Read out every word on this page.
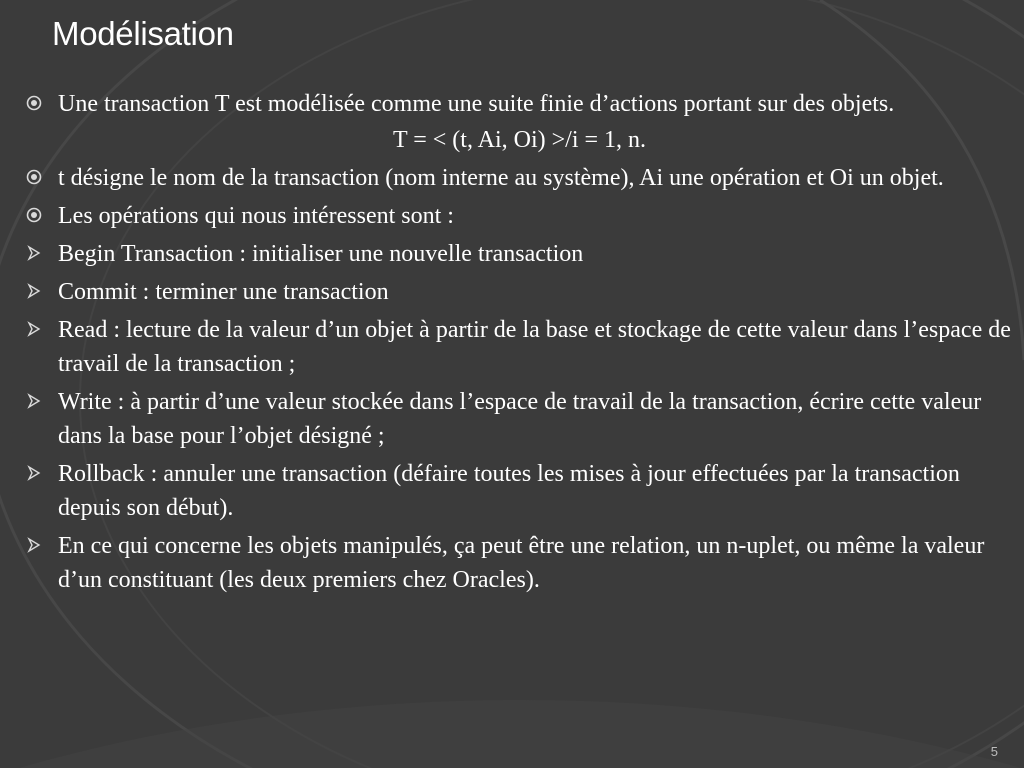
Modélisation
Une transaction T est modélisée comme une suite finie d’actions portant sur des objets.
T = < (t, Ai, Oi) >/i = 1, n.
t désigne le nom de la transaction (nom interne au système), Ai une opération et Oi un objet.
Les opérations qui nous intéressent sont :
Begin Transaction : initialiser une nouvelle transaction
Commit : terminer une transaction
Read : lecture de la valeur d’un objet à partir de la base et stockage de cette valeur dans l’espace de travail de la transaction ;
Write : à partir d’une valeur stockée dans l’espace de travail de la transaction, écrire cette valeur dans la base pour l’objet désigné ;
Rollback : annuler une transaction (défaire toutes les mises à jour effectuées par la transaction depuis son début).
En ce qui concerne les objets manipulés, ça peut être une relation, un n-uplet, ou même la valeur d’un constituant (les deux premiers chez Oracles).
5
